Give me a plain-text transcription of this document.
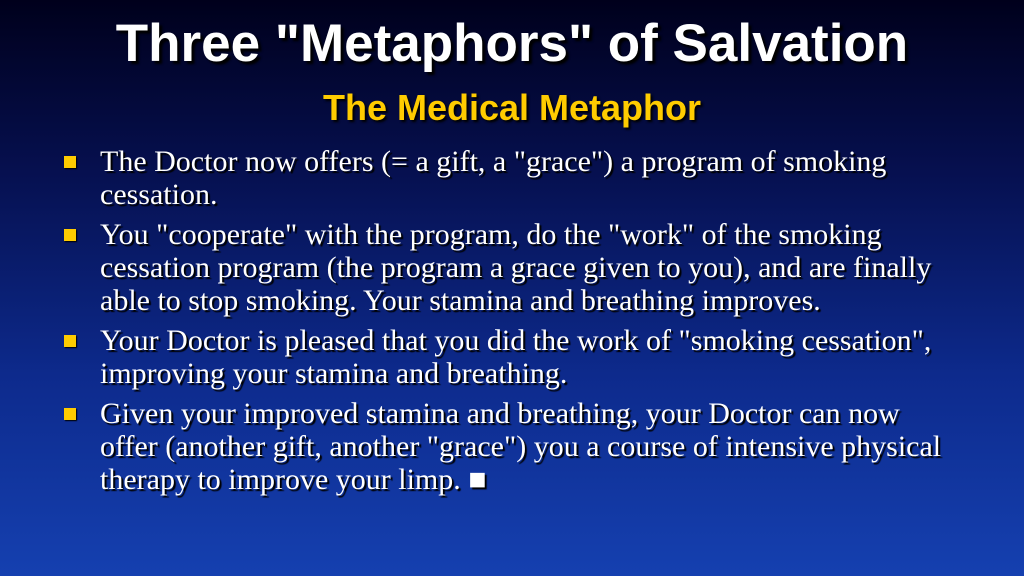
Three "Metaphors" of Salvation
The Medical Metaphor
The Doctor now offers (= a gift, a "grace") a program of smoking cessation.
You "cooperate" with the program, do the "work" of the smoking cessation program (the program a grace given to you), and are finally able to stop smoking. Your stamina and breathing improves.
Your Doctor is pleased that you did the work of "smoking cessation", improving your stamina and breathing.
Given your improved stamina and breathing, your Doctor can now offer (another gift, another "grace") you a course of intensive physical therapy to improve your limp. ■
